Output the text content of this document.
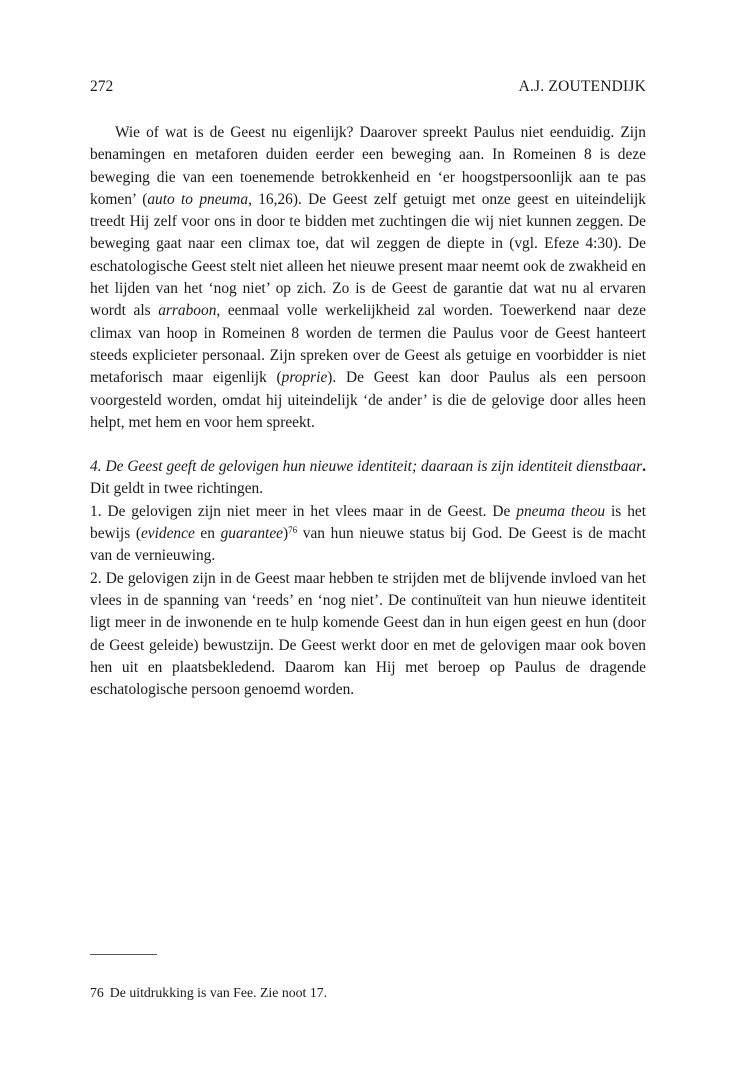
272	A.J. ZOUTENDIJK

Wie of wat is de Geest nu eigenlijk? Daarover spreekt Paulus niet eenduidig. Zijn benamingen en metaforen duiden eerder een beweging aan. In Romeinen 8 is deze beweging die van een toenemende betrokkenheid en ‘er hoogstpersoonlijk aan te pas komen’ (auto to pneuma, 16,26). De Geest zelf getuigt met onze geest en uiteindelijk treedt Hij zelf voor ons in door te bidden met zuchtingen die wij niet kunnen zeggen. De beweging gaat naar een climax toe, dat wil zeggen de diepte in (vgl. Efeze 4:30). De eschatologische Geest stelt niet alleen het nieuwe present maar neemt ook de zwakheid en het lijden van het ‘nog niet’ op zich. Zo is de Geest de garantie dat wat nu al ervaren wordt als arraboon, eenmaal volle werkelijkheid zal worden. Toewerkend naar deze climax van hoop in Romeinen 8 worden de termen die Paulus voor de Geest hanteert steeds explicieter personaal. Zijn spreken over de Geest als getuige en voorbidder is niet metaforisch maar eigenlijk (proprie). De Geest kan door Paulus als een persoon voorgesteld worden, omdat hij uiteindelijk ‘de ander’ is die de gelovige door alles heen helpt, met hem en voor hem spreekt.

4. De Geest geeft de gelovigen hun nieuwe identiteit; daaraan is zijn identiteit dienstbaar. Dit geldt in twee richtingen.

1. De gelovigen zijn niet meer in het vlees maar in de Geest. De pneuma theou is het bewijs (evidence en guarantee)$^{76}$ van hun nieuwe status bij God. De Geest is de macht van de vernieuwing.

2. De gelovigen zijn in de Geest maar hebben te strijden met de blijvende invloed van het vlees in de spanning van ‘reeds’ en ‘nog niet’. De continuïteit van hun nieuwe identiteit ligt meer in de inwonende en te hulp komende Geest dan in hun eigen geest en hun (door de Geest geleide) bewustzijn. De Geest werkt door en met de gelovigen maar ook boven hen uit en plaatsbekledend. Daarom kan Hij met beroep op Paulus de dragende eschatologische persoon genoemd worden.

76 De uitdrukking is van Fee. Zie noot 17.
